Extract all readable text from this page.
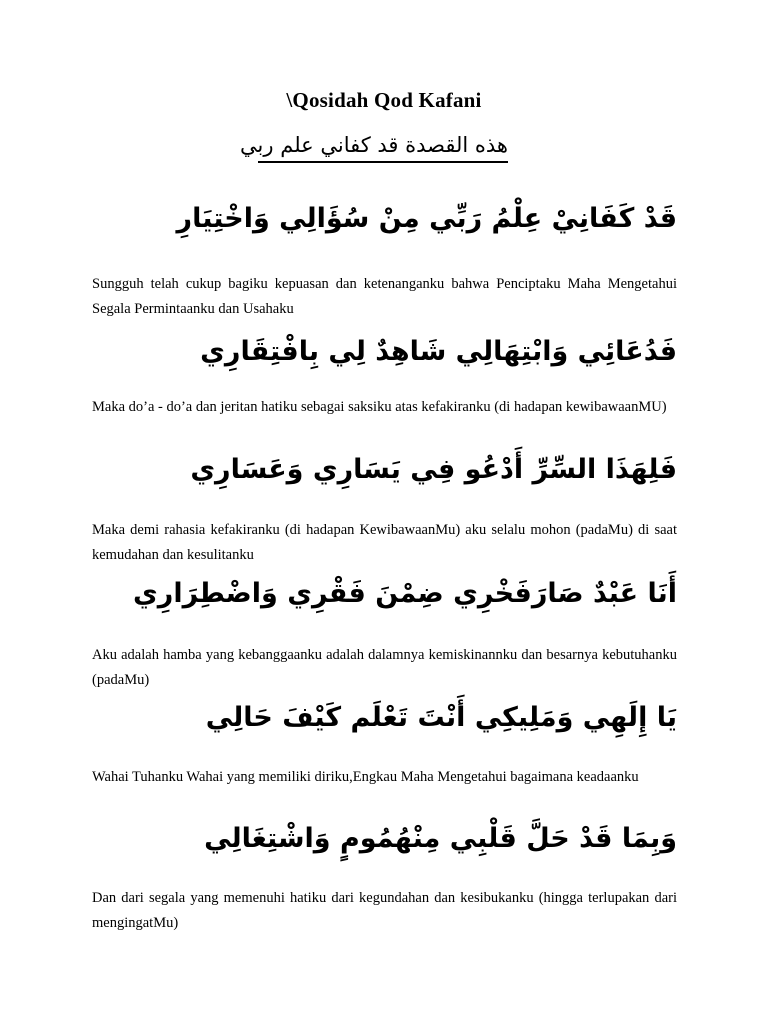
\Qosidah Qod Kafani
هذه القصدة قد كفاني علم ربي
قَدْ كَفَانِيْ عِلْمُ رَبِّي مِنْ سُؤَالِي وَاخْتِيَارِ
Sungguh telah cukup bagiku kepuasan dan ketenanganku bahwa Penciptaku Maha Mengetahui Segala Permintaanku dan Usahaku
فَدُعَائِي وَابْتِهَالِي شَاهِدٌ لِي بِافْتِقَارِي
Maka do’a - do’a dan jeritan hatiku sebagai saksiku atas kefakiranku (di hadapan kewibawaanMU)
فَلِهَذَا السِّرِّ أَدْعُو فِي يَسَارِي وَعَسَارِي
Maka demi rahasia kefakiranku (di hadapan KewibawaanMu) aku selalu mohon (padaMu) di saat kemudahan dan kesulitanku
أَنَا عَبْدٌ صَارَفَخْرِي ضِمْنَ فَقْرِي وَاضْطِرَارِي
Aku adalah hamba yang kebanggaanku adalah dalamnya kemiskinannku dan besarnya kebutuhanku (padaMu)
يَا إِلَهِي وَمَلِيكِي أَنْتَ تَعْلَم كَيْفَ حَالِي
Wahai Tuhanku Wahai yang memiliki diriku,Engkau Maha Mengetahui bagaimana keadaanku
وَبِمَا قَدْ حَلَّ قَلْبِي مِنْهُمُومٍ وَاشْتِغَالِي
Dan dari segala yang memenuhi hatiku dari kegundahan dan kesibukanku (hingga terlupakan dari mengingatMu)
